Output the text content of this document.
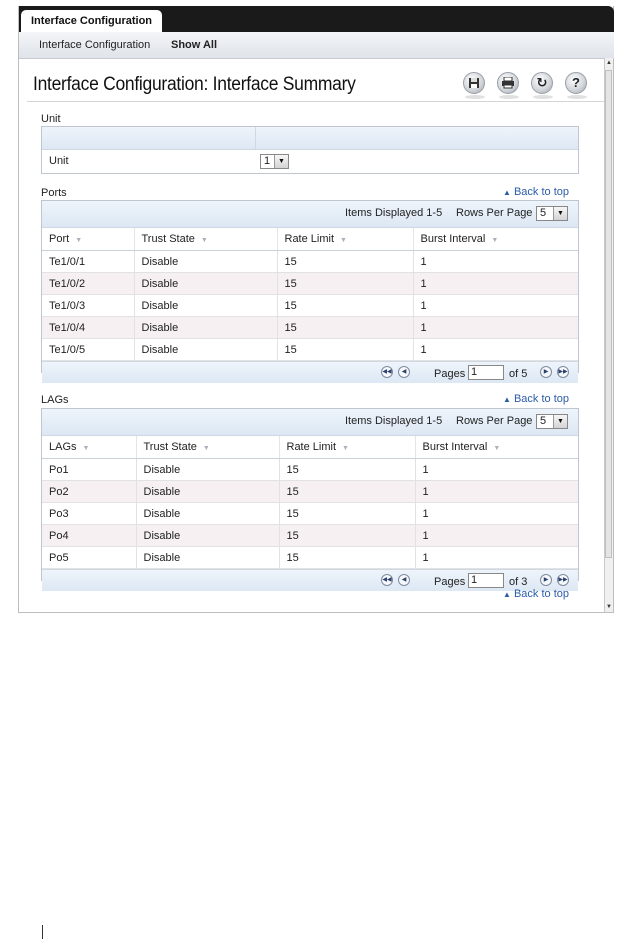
Interface Configuration
Interface Configuration Show All
Interface Configuration: Interface Summary	↻	?
▲
▼
Unit
Unit	1	▼
Ports	▲ Back to top
Items Displayed 1-5 Rows Per Page 5	▼
Port ▼	Trust State ▼	Rate Limit ▼	Burst Interval ▼
Te1/0/1	Disable	15	1
Te1/0/2	Disable	15	1
Te1/0/3	Disable	15	1
Te1/0/4	Disable	15	1
Te1/0/5	Disable	15	1
◀◀	◀	Pages 1	of 5	▶	▶▶
LAGs	▲ Back to top
Items Displayed 1-5 Rows Per Page 5	▼
LAGs ▼	Trust State ▼	Rate Limit ▼	Burst Interval ▼
Po1	Disable	15	1
Po2	Disable	15	1
Po3	Disable	15	1
Po4	Disable	15	1
Po5	Disable	15	1
◀◀	◀	Pages 1	of 3	▶	▶▶
▲ Back to top
